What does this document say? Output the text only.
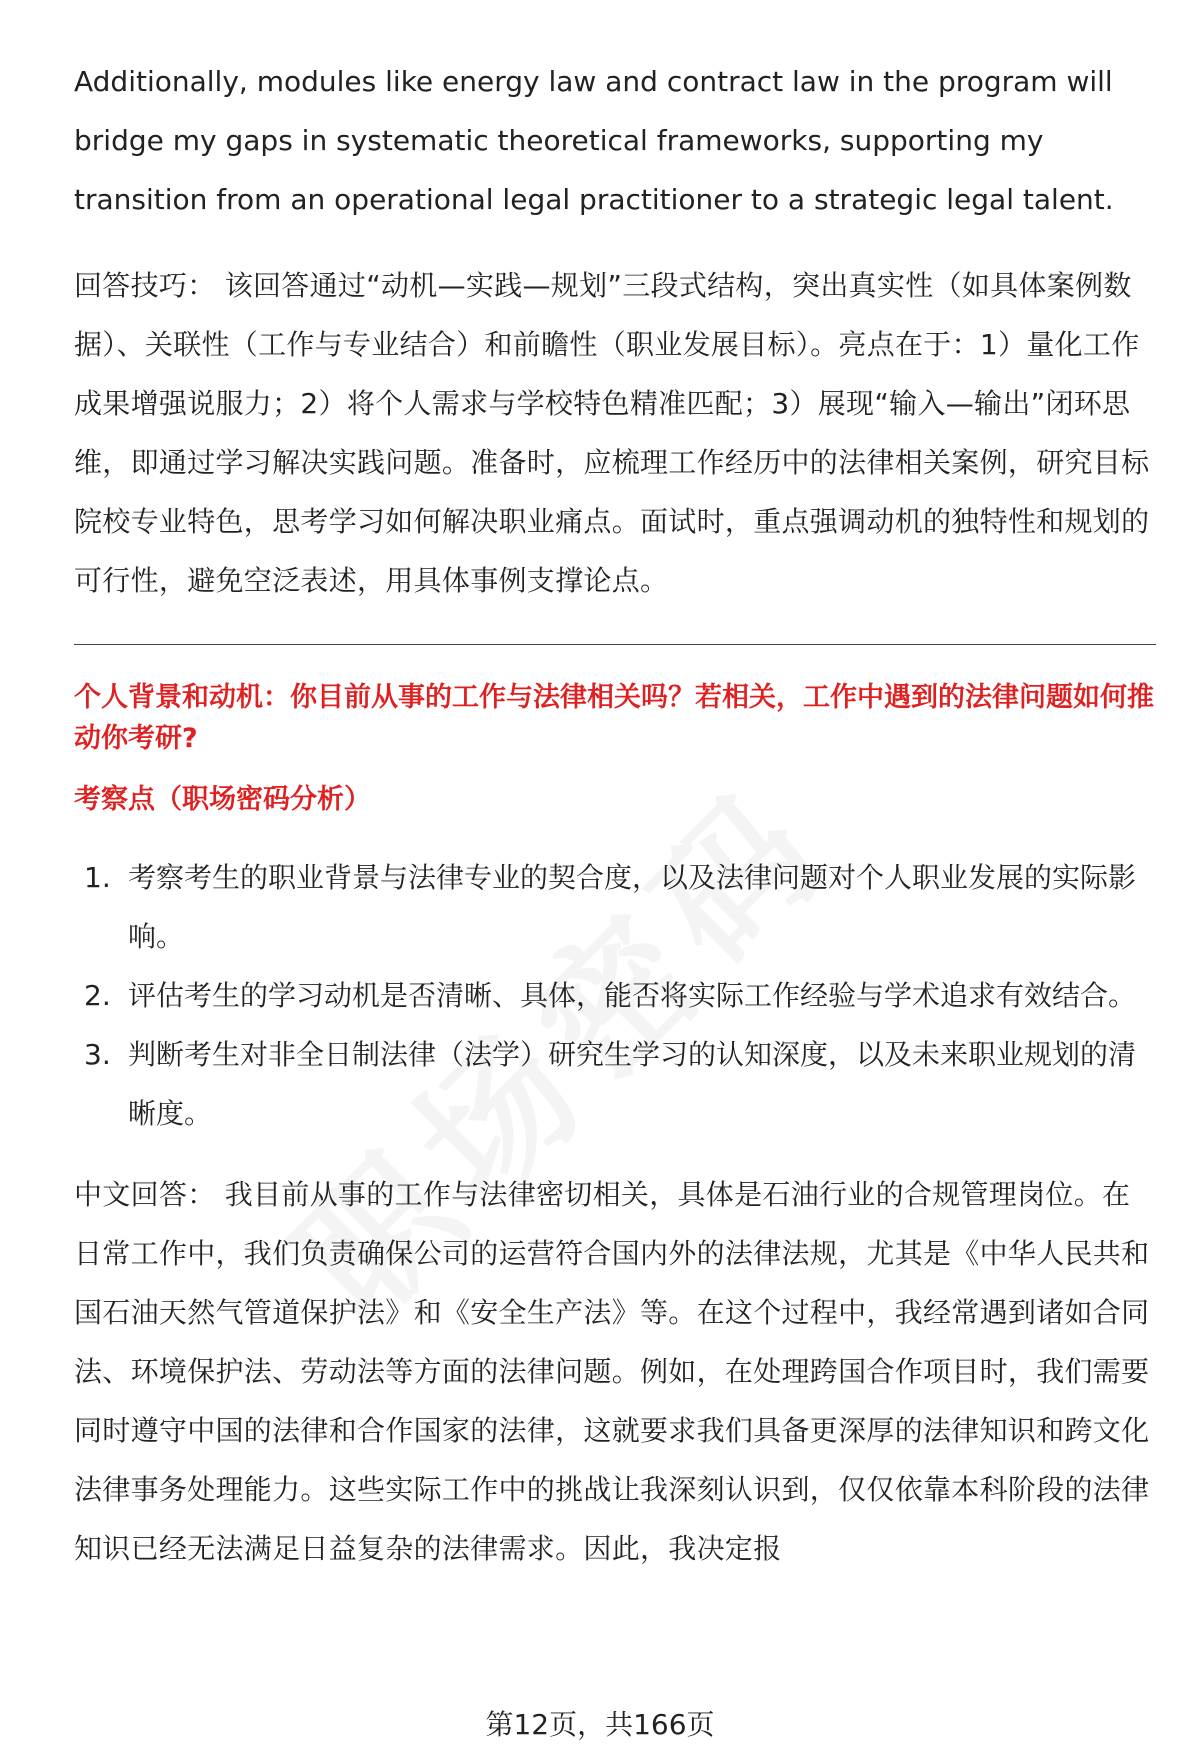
Additionally, modules like energy law and contract law in the program will bridge my gaps in systematic theoretical frameworks, supporting my transition from an operational legal practitioner to a strategic legal talent.

回答技巧： 该回答通过“动机—实践—规划”三段式结构，突出真实性（如具体案例数据）、关联性（工作与专业结合）和前瞻性（职业发展目标）。亮点在于：1）量化工作成果增强说服力；2）将个人需求与学校特色精准匹配；3）展现“输入—输出”闭环思维，即通过学习解决实践问题。准备时，应梳理工作经历中的法律相关案例，研究目标院校专业特色，思考学习如何解决职业痛点。面试时，重点强调动机的独特性和规划的可行性，避免空泛表述，用具体事例支撑论点。

个人背景和动机：你目前从事的工作与法律相关吗？若相关，工作中遇到的法律问题如何推动你考研?
考察点（职场密码分析）
1. 考察考生的职业背景与法律专业的契合度，以及法律问题对个人职业发展的实际影响。
2. 评估考生的学习动机是否清晰、具体，能否将实际工作经验与学术追求有效结合。
3. 判断考生对非全日制法律（法学）研究生学习的认知深度，以及未来职业规划的清晰度。

中文回答： 我目前从事的工作与法律密切相关，具体是石油行业的合规管理岗位。在日常工作中，我们负责确保公司的运营符合国内外的法律法规，尤其是《中华人民共和国石油天然气管道保护法》和《安全生产法》等。在这个过程中，我经常遇到诸如合同法、环境保护法、劳动法等方面的法律问题。例如，在处理跨国合作项目时，我们需要同时遵守中国的法律和合作国家的法律，这就要求我们具备更深厚的法律知识和跨文化法律事务处理能力。这些实际工作中的挑战让我深刻认识到，仅仅依靠本科阶段的法律知识已经无法满足日益复杂的法律需求。因此，我决定报

第12页，共166页
